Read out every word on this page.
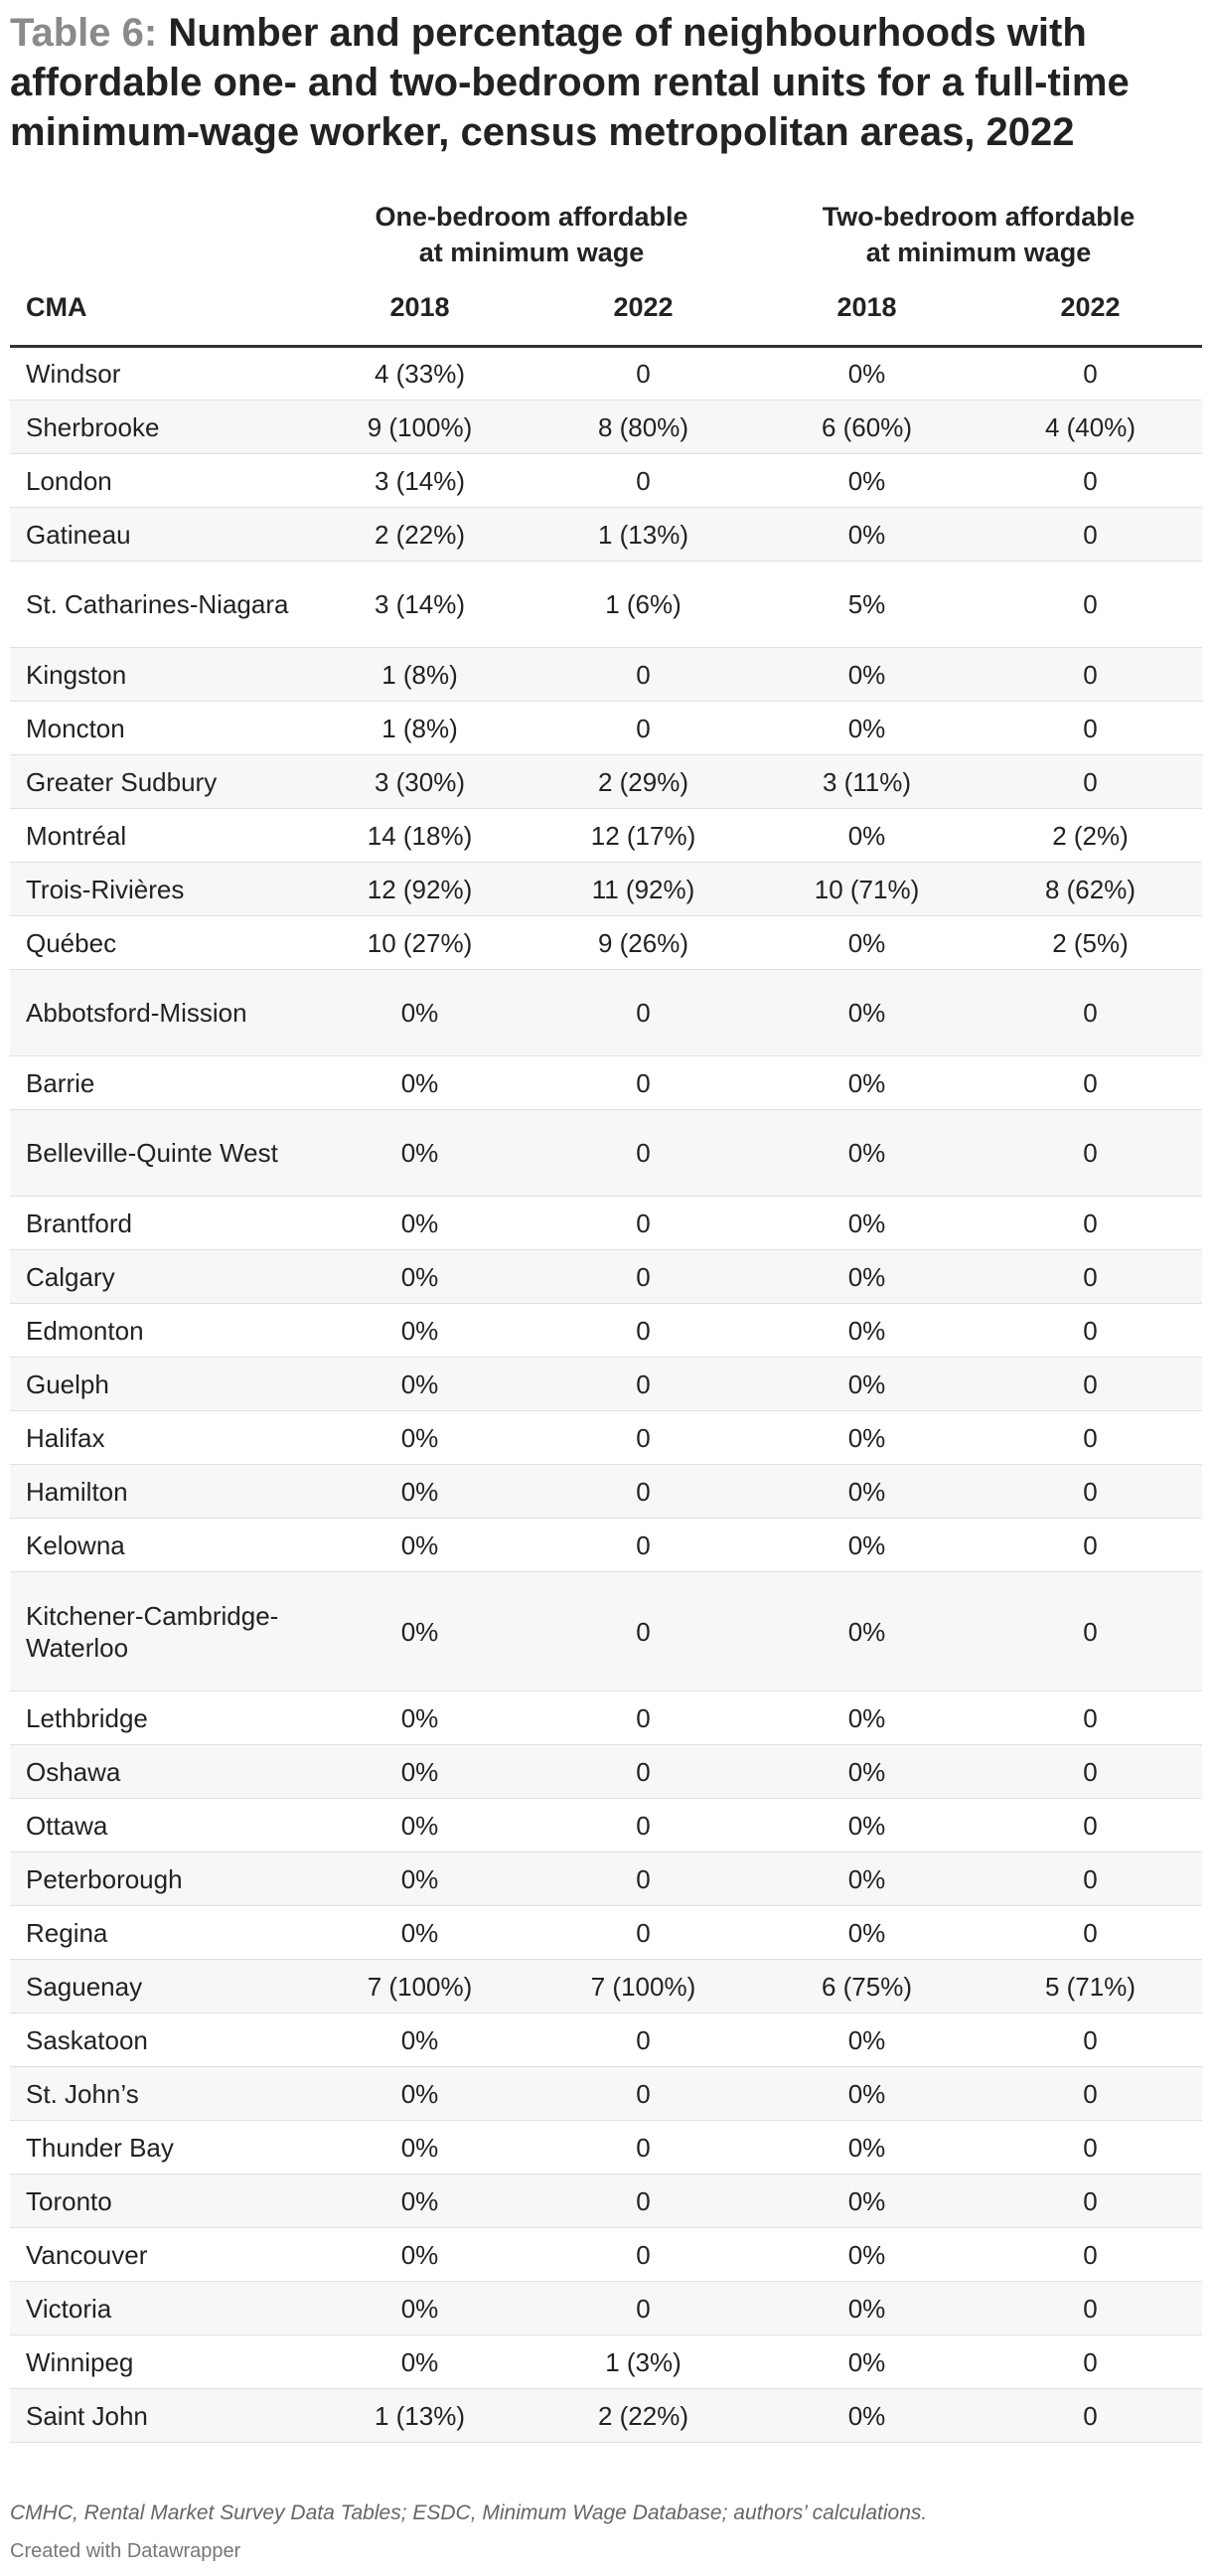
Table 6: Number and percentage of neighbourhoods with affordable one- and two-bedroom rental units for a full-time minimum-wage worker, census metropolitan areas, 2022

	One-bedroom affordable at minimum wage		Two-bedroom affordable at minimum wage	

CMA	2018	2022	2018	2022
Windsor	4 (33%)	0	0%	0
Sherbrooke	9 (100%)	8 (80%)	6 (60%)	4 (40%)
London	3 (14%)	0	0%	0
Gatineau	2 (22%)	1 (13%)	0%	0
St. Catharines-Niagara	3 (14%)	1 (6%)	5%	0
Kingston	1 (8%)	0	0%	0
Moncton	1 (8%)	0	0%	0
Greater Sudbury	3 (30%)	2 (29%)	3 (11%)	0
Montréal	14 (18%)	12 (17%)	0%	2 (2%)
Trois-Rivières	12 (92%)	11 (92%)	10 (71%)	8 (62%)
Québec	10 (27%)	9 (26%)	0%	2 (5%)
Abbotsford-Mission	0%	0	0%	0
Barrie	0%	0	0%	0
Belleville-Quinte West	0%	0	0%	0
Brantford	0%	0	0%	0
Calgary	0%	0	0%	0
Edmonton	0%	0	0%	0
Guelph	0%	0	0%	0
Halifax	0%	0	0%	0
Hamilton	0%	0	0%	0
Kelowna	0%	0	0%	0
Kitchener-Cambridge-Waterloo	0%	0	0%	0
Lethbridge	0%	0	0%	0
Oshawa	0%	0	0%	0
Ottawa	0%	0	0%	0
Peterborough	0%	0	0%	0
Regina	0%	0	0%	0
Saguenay	7 (100%)	7 (100%)	6 (75%)	5 (71%)
Saskatoon	0%	0	0%	0
St. John’s	0%	0	0%	0
Thunder Bay	0%	0	0%	0
Toronto	0%	0	0%	0
Vancouver	0%	0	0%	0
Victoria	0%	0	0%	0
Winnipeg	0%	1 (3%)	0%	0
Saint John	1 (13%)	2 (22%)	0%	0
CMHC, Rental Market Survey Data Tables; ESDC, Minimum Wage Database; authors’ calculations.
Created with Datawrapper
